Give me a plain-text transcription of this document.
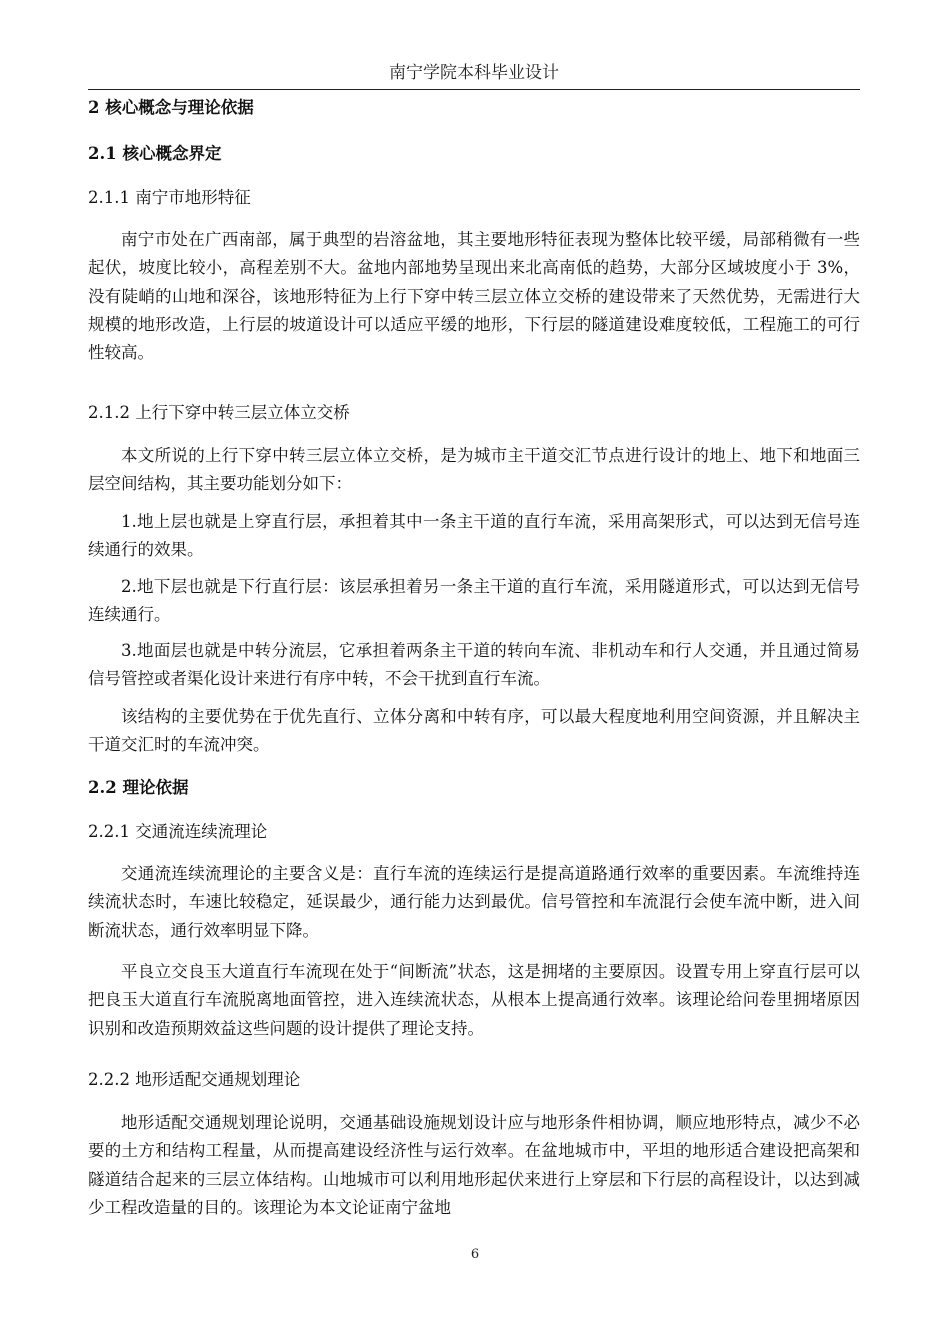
南宁学院本科毕业设计

2 核心概念与理论依据

2.1 核心概念界定

2.1.1 南宁市地形特征

南宁市处在广西南部，属于典型的岩溶盆地，其主要地形特征表现为整体比较平缓，局部稍微有一些起伏，坡度比较小，高程差别不大。盆地内部地势呈现出来北高南低的趋势，大部分区域坡度小于 3%，没有陡峭的山地和深谷，该地形特征为上行下穿中转三层立体立交桥的建设带来了天然优势，无需进行大规模的地形改造，上行层的坡道设计可以适应平缓的地形，下行层的隧道建设难度较低，工程施工的可行性较高。

2.1.2 上行下穿中转三层立体立交桥

本文所说的上行下穿中转三层立体立交桥，是为城市主干道交汇节点进行设计的地上、地下和地面三层空间结构，其主要功能划分如下：

1.地上层也就是上穿直行层，承担着其中一条主干道的直行车流，采用高架形式，可以达到无信号连续通行的效果。

2.地下层也就是下行直行层：该层承担着另一条主干道的直行车流，采用隧道形式，可以达到无信号连续通行。

3.地面层也就是中转分流层，它承担着两条主干道的转向车流、非机动车和行人交通，并且通过简易信号管控或者渠化设计来进行有序中转，不会干扰到直行车流。

该结构的主要优势在于优先直行、立体分离和中转有序，可以最大程度地利用空间资源，并且解决主干道交汇时的车流冲突。

2.2 理论依据

2.2.1 交通流连续流理论

交通流连续流理论的主要含义是：直行车流的连续运行是提高道路通行效率的重要因素。车流维持连续流状态时，车速比较稳定，延误最少，通行能力达到最优。信号管控和车流混行会使车流中断，进入间断流状态，通行效率明显下降。

平良立交良玉大道直行车流现在处于“间断流”状态，这是拥堵的主要原因。设置专用上穿直行层可以把良玉大道直行车流脱离地面管控，进入连续流状态，从根本上提高通行效率。该理论给问卷里拥堵原因识别和改造预期效益这些问题的设计提供了理论支持。

2.2.2 地形适配交通规划理论

地形适配交通规划理论说明，交通基础设施规划设计应与地形条件相协调，顺应地形特点，减少不必要的土方和结构工程量，从而提高建设经济性与运行效率。在盆地城市中，平坦的地形适合建设把高架和隧道结合起来的三层立体结构。山地城市可以利用地形起伏来进行上穿层和下行层的高程设计，以达到减少工程改造量的目的。该理论为本文论证南宁盆地

6
